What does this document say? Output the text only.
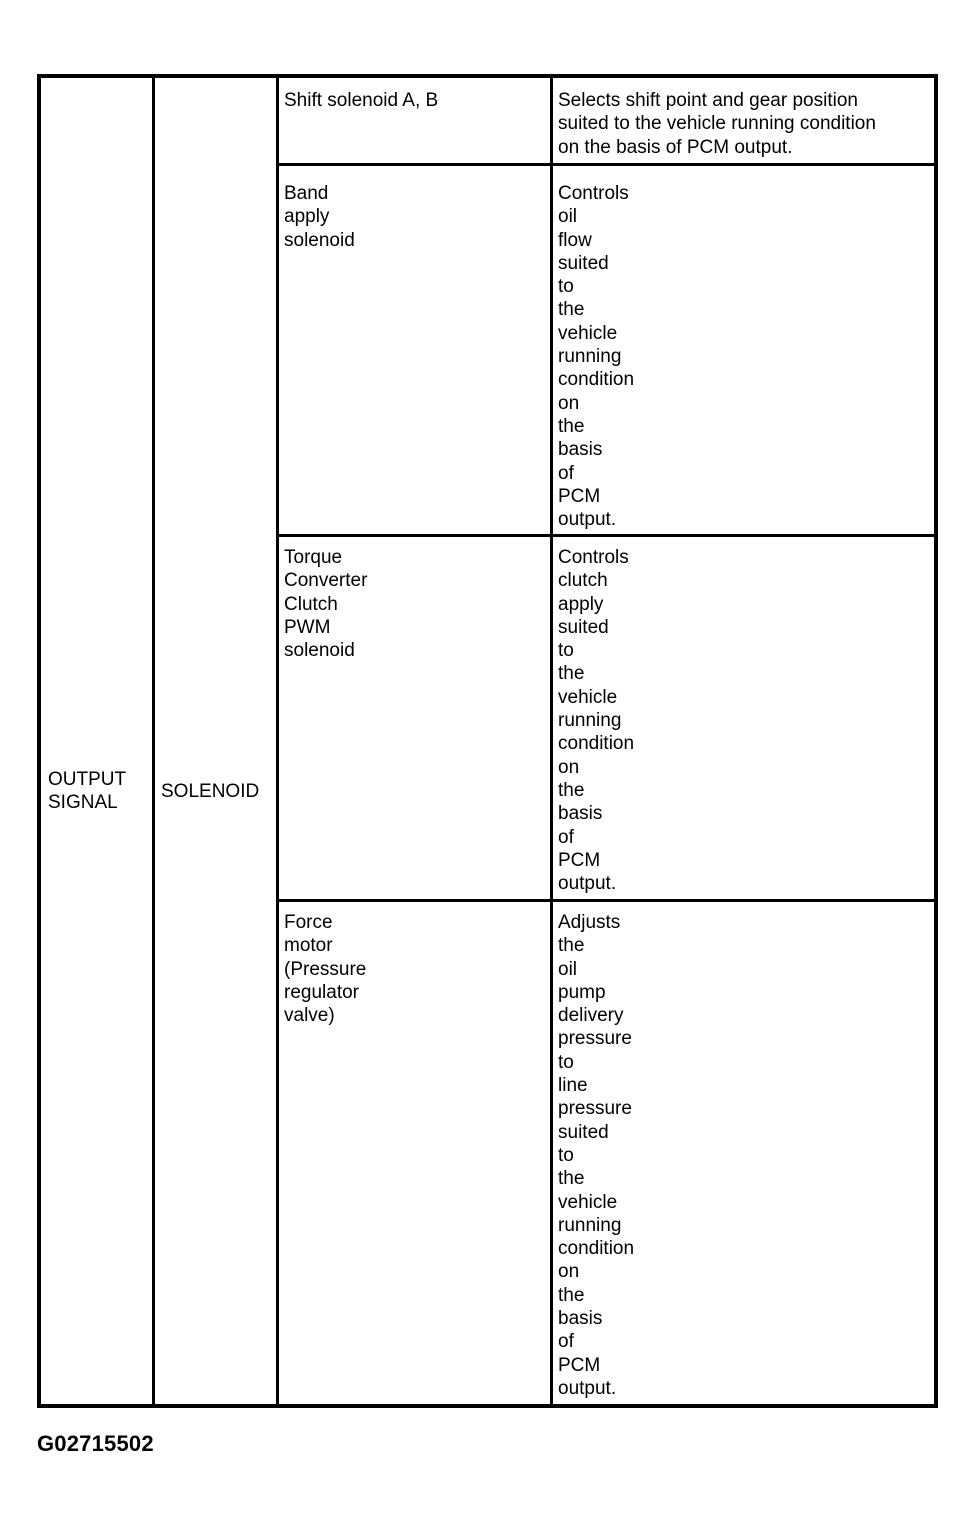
OUTPUT
SIGNAL
SOLENOID
Shift solenoid A, B	Selects shift point and gear position
suited to the vehicle running condition
on the basis of PCM output.
Band
apply
solenoid
Controls
oil
flow
suited
to
the
vehicle
running
condition
on
the
basis
of
PCM
output.
Torque
Converter
Clutch
PWM
solenoid
Controls
clutch
apply
suited
to
the
vehicle
running
condition
on
the
basis
of
PCM
output.
Force
motor
(Pressure
regulator
valve)
Adjusts
the
oil
pump
delivery
pressure
to
line
pressure
suited
to
the
vehicle
running
condition
on
the
basis
of
PCM
output.
G02715502
